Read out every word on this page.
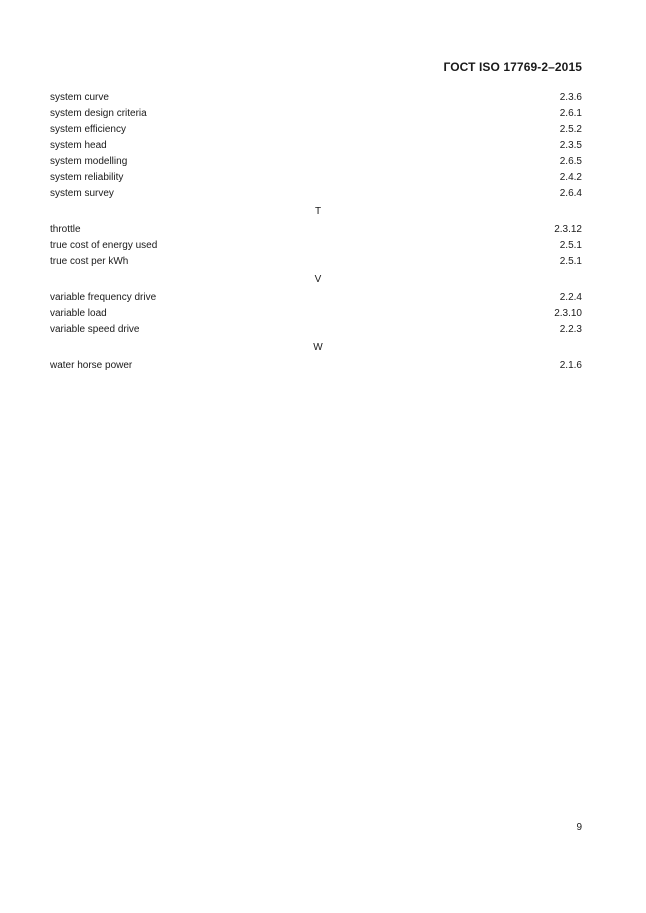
ГОСТ ISO 17769-2–2015
system curve	2.3.6
system design criteria	2.6.1
system efficiency	2.5.2
system head	2.3.5
system modelling	2.6.5
system reliability	2.4.2
system survey	2.6.4
T
throttle	2.3.12
true cost of energy used	2.5.1
true cost per kWh	2.5.1
V
variable frequency drive	2.2.4
variable load	2.3.10
variable speed drive	2.2.3
W
water horse power	2.1.6
9
